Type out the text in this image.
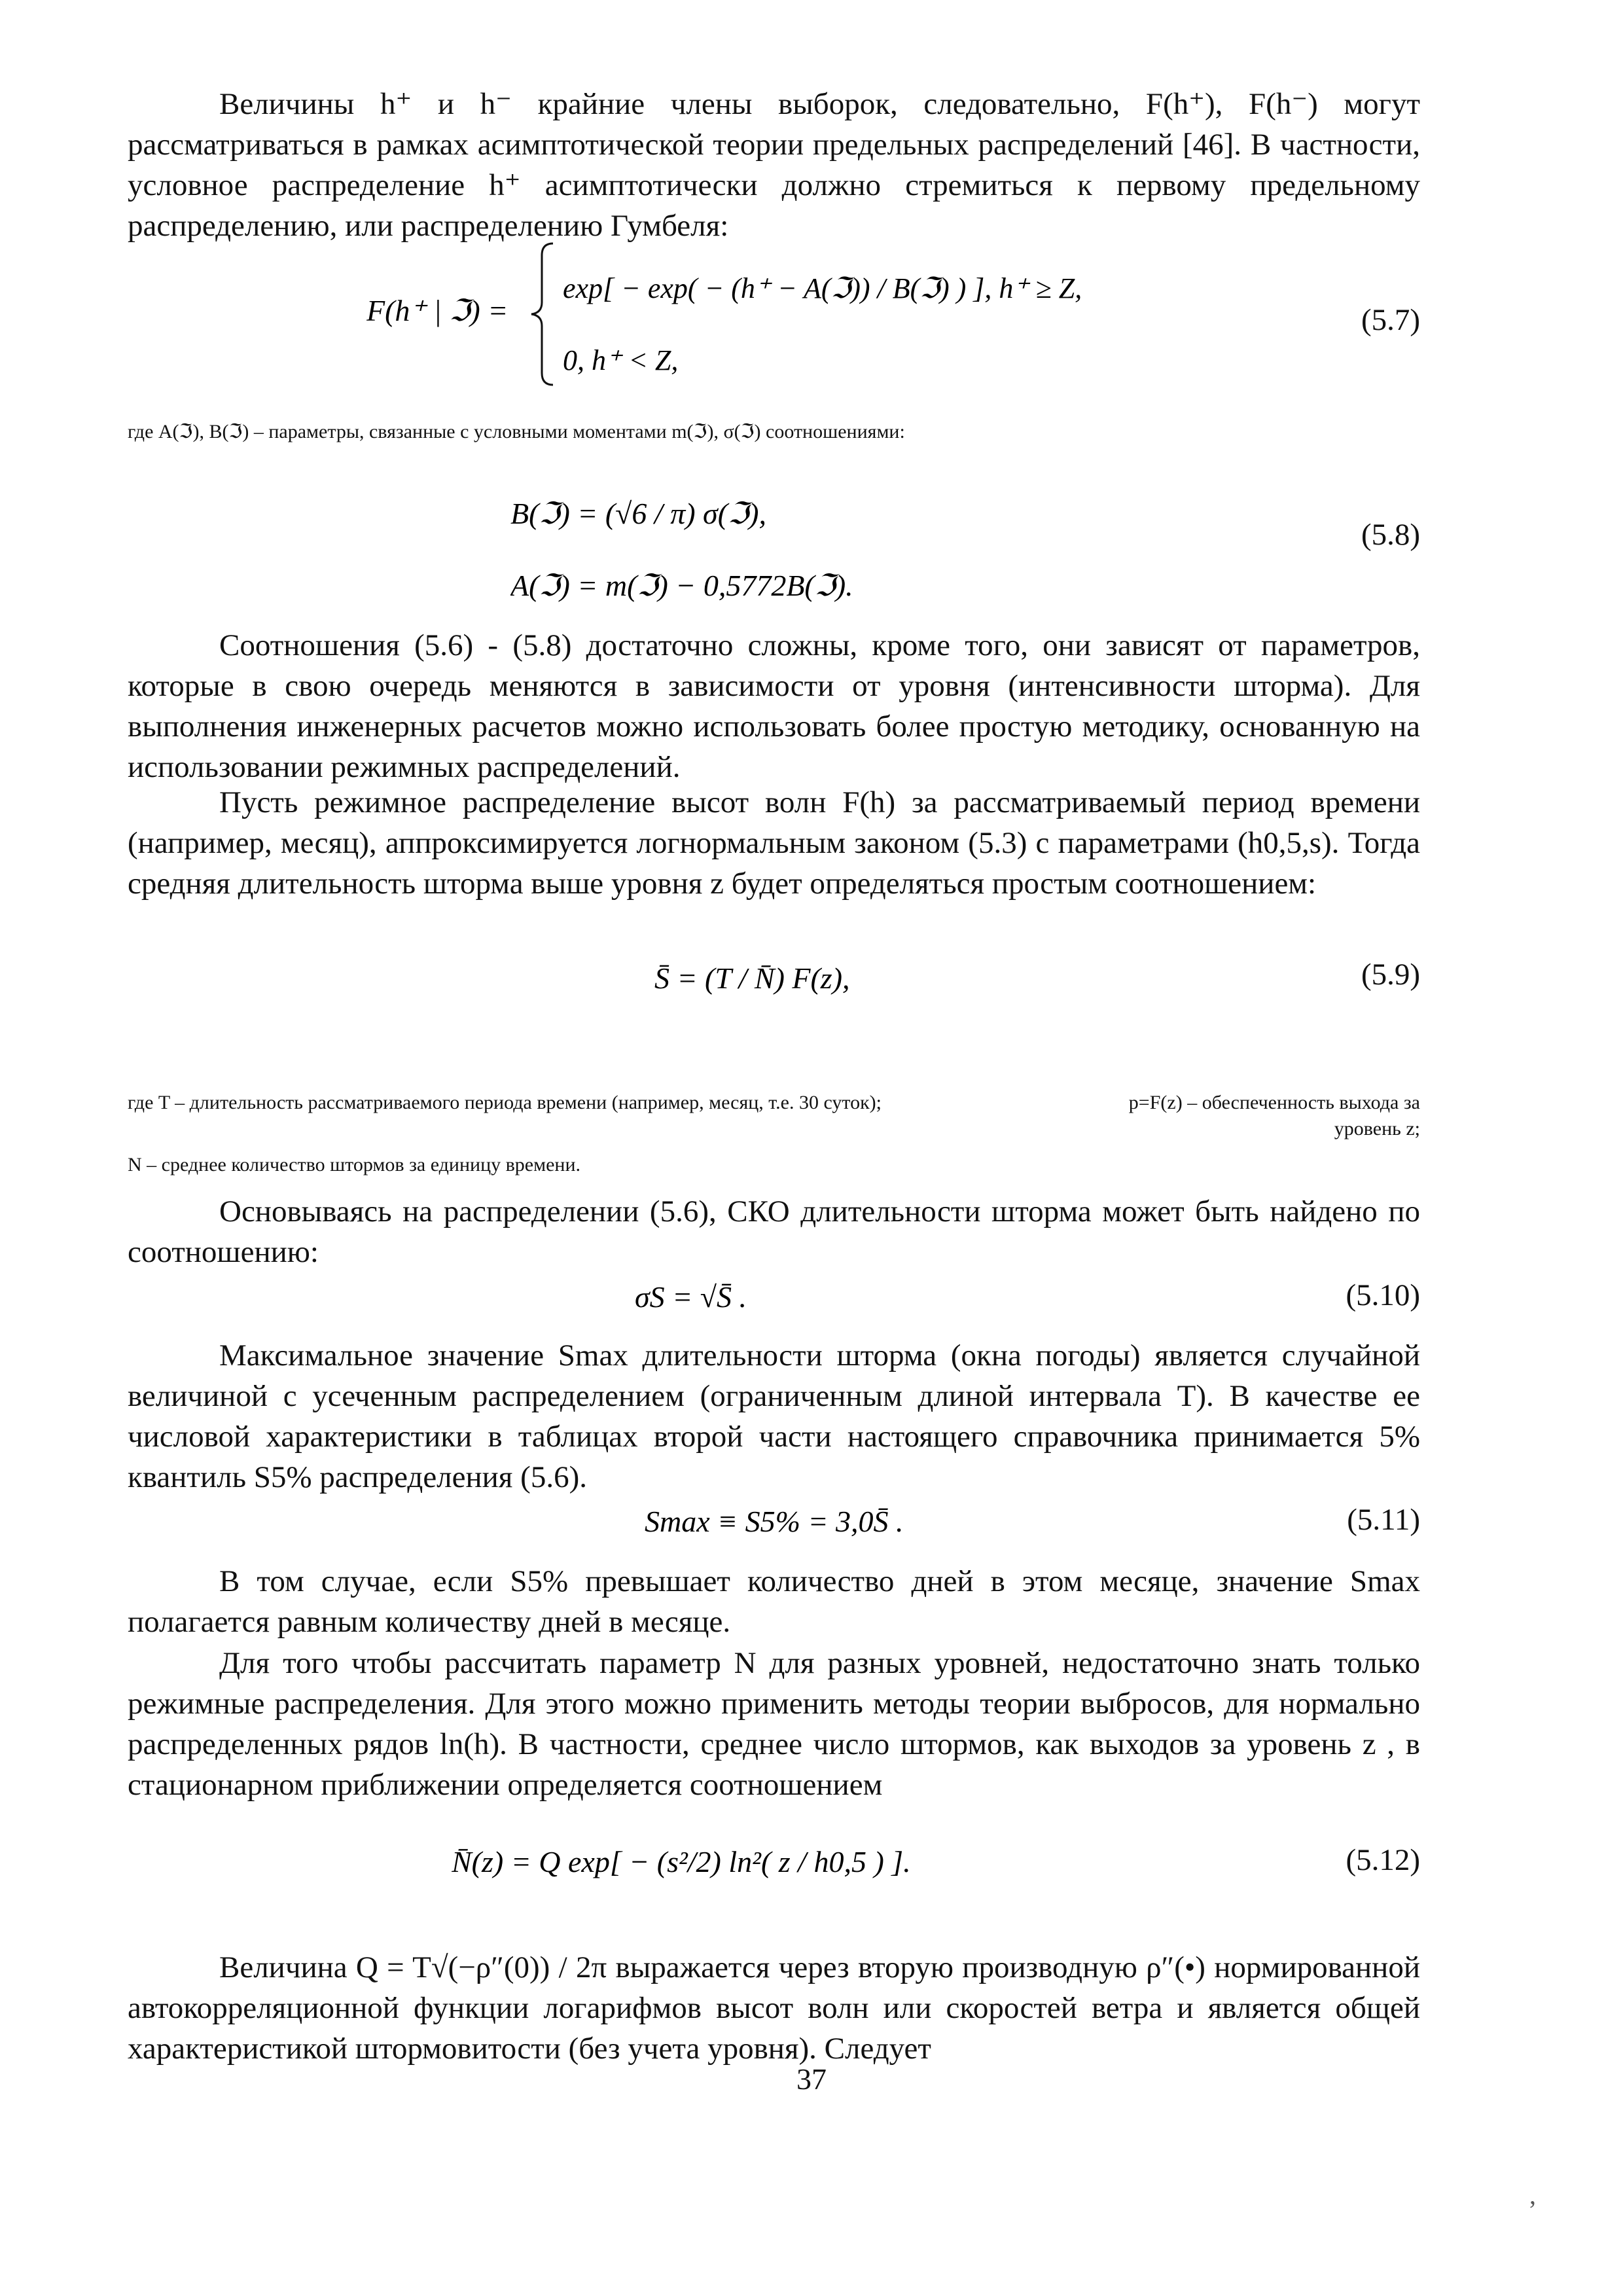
Величины h⁺ и h⁻ крайние члены выборок, следовательно, F(h⁺), F(h⁻) могут рассматриваться в рамках асимптотической теории предельных распределений [46]. В частности, условное распределение h⁺ асимптотически должно стремиться к первому предельному распределению, или распределению Гумбеля:

F(h⁺ | ℑ) =
exp[ − exp( − (h⁺ − A(ℑ)) / B(ℑ) ) ], h⁺ ≥ Z,
0, h⁺ < Z,
(5.7)

где A(ℑ), B(ℑ) – параметры, связанные с условными моментами m(ℑ), σ(ℑ) соотношениями:

B(ℑ) = (√6 / π) σ(ℑ),
A(ℑ) = m(ℑ) − 0,5772B(ℑ).
(5.8)

Соотношения (5.6) - (5.8) достаточно сложны, кроме того, они зависят от параметров, которые в свою очередь меняются в зависимости от уровня (интенсивности шторма). Для выполнения инженерных расчетов можно использовать более простую методику, основанную на использовании режимных распределений.

Пусть режимное распределение высот волн F(h) за рассматриваемый период времени (например, месяц), аппроксимируется логнормальным законом (5.3) с параметрами (h0,5,s). Тогда средняя длительность шторма выше уровня z будет определяться простым соотношением:

S̄ = (T / N̄) F(z),	(5.9)

где T – длительность рассматриваемого периода времени (например, месяц, т.е. 30 суток);	p=F(z) – обеспеченность выхода за уровень z;

N – среднее количество штормов за единицу времени.

Основываясь на распределении (5.6), СКО длительности шторма может быть найдено по соотношению:

σS = √S̄ .	(5.10)

Максимальное значение Smax длительности шторма (окна погоды) является случайной величиной с усеченным распределением (ограниченным длиной интервала T). В качестве ее числовой характеристики в таблицах второй части настоящего справочника принимается 5% квантиль S5% распределения (5.6).

Smax ≡ S5% = 3,0S̄ .	(5.11)

В том случае, если S5% превышает количество дней в этом месяце, значение Smax полагается равным количеству дней в месяце.

Для того чтобы рассчитать параметр N для разных уровней, недостаточно знать только режимные распределения. Для этого можно применить методы теории выбросов, для нормально распределенных рядов ln(h). В частности, среднее число штормов, как выходов за уровень z , в стационарном приближении определяется соотношением

N̄(z) = Q exp[ − (s²/2) ln²( z / h0,5 ) ].	(5.12)

Величина Q = T√(−ρ″(0)) / 2π выражается через вторую производную ρ″(•) нормированной автокорреляционной функции логарифмов высот волн или скоростей ветра и является общей характеристикой штормовитости (без учета уровня). Следует

37
‚
